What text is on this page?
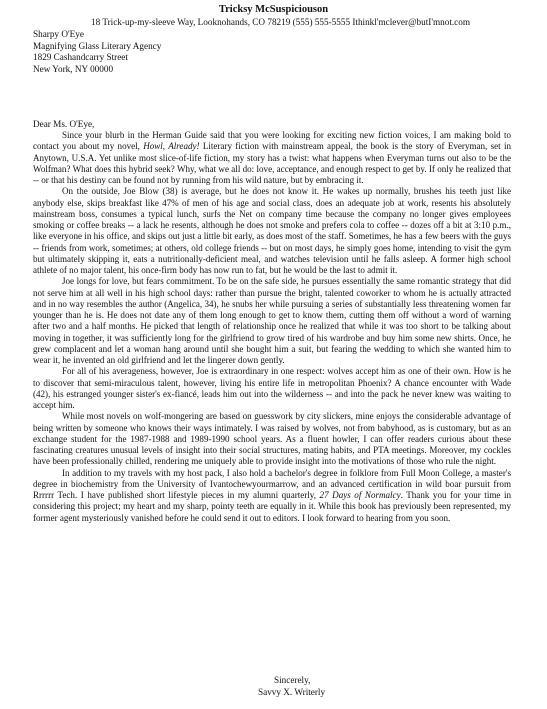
Tricksy McSuspiciouson
18 Trick-up-my-sleeve Way, Looknohands, CO 78219 (555) 555-5555 Ithinkl'mclever@butI'mnot.com
Sharpy O'Eye
Magnifying Glass Literary Agency
1829 Cashandcarry Street
New York, NY 00000
Dear Ms. O'Eye,

Since your blurb in the Herman Guide said that you were looking for exciting new fiction voices, I am making bold to contact you about my novel, Howl, Already! Literary fiction with mainstream appeal, the book is the story of Everyman, set in Anytown, U.S.A. Yet unlike most slice-of-life fiction, my story has a twist: what happens when Everyman turns out also to be the Wolfman? What does this hybrid seek? Why, what we all do: love, acceptance, and enough respect to get by. If only he realized that -- or that his destiny can be found not by running from his wild nature, but by embracing it.

On the outside, Joe Blow (38) is average, but he does not know it. He wakes up normally, brushes his teeth just like anybody else, skips breakfast like 47% of men of his age and social class, does an adequate job at work, resents his absolutely mainstream boss, consumes a typical lunch, surfs the Net on company time because the company no longer gives employees smoking or coffee breaks -- a lack he resents, although he does not smoke and prefers cola to coffee -- dozes off a bit at 3:10 p.m., like everyone in his office, and skips out just a little bit early, as does most of the staff. Sometimes, he has a few beers with the guys -- friends from work, sometimes; at others, old college friends -- but on most days, he simply goes home, intending to visit the gym but ultimately skipping it, eats a nutritionally-deficient meal, and watches television until he falls asleep. A former high school athlete of no major talent, his once-firm body has now run to fat, but he would be the last to admit it.

Joe longs for love, but fears commitment. To be on the safe side, he pursues essentially the same romantic strategy that did not serve him at all well in his high school days: rather than pursue the bright, talented coworker to whom he is actually attracted and in no way resembles the author (Angelica, 34), he snubs her while pursuing a series of substantially less threatening women far younger than he is. He does not date any of them long enough to get to know them, cutting them off without a word of warning after two and a half months. He picked that length of relationship once he realized that while it was too short to be talking about moving in together, it was sufficiently long for the girlfriend to grow tired of his wardrobe and buy him some new shirts. Once, he grew complacent and let a woman hang around until she bought him a suit, but fearing the wedding to which she wanted him to wear it, he invented an old girlfriend and let the lingerer down gently.

For all of his averageness, however, Joe is extraordinary in one respect: wolves accept him as one of their own. How is he to discover that semi-miraculous talent, however, living his entire life in metropolitan Phoenix? A chance encounter with Wade (42), his estranged younger sister's ex-fiancé, leads him out into the wilderness -- and into the pack he never knew was waiting to accept him.

While most novels on wolf-mongering are based on guesswork by city slickers, mine enjoys the considerable advantage of being written by someone who knows their ways intimately. I was raised by wolves, not from babyhood, as is customary, but as an exchange student for the 1987-1988 and 1989-1990 school years. As a fluent howler, I can offer readers curious about these fascinating creatures unusual levels of insight into their social structures, mating habits, and PTA meetings. Moreover, my cockles have been professionally chilled, rendering me uniquely able to provide insight into the motivations of those who rule the night.

In addition to my travels with my host pack, I also hold a bachelor's degree in folklore from Full Moon College, a master's degree in biochemistry from the University of Ivantochewyourmarrow, and an advanced certification in wild boar pursuit from Rrrrrr Tech. I have published short lifestyle pieces in my alumni quarterly, 27 Days of Normalcy. Thank you for your time in considering this project; my heart and my sharp, pointy teeth are equally in it. While this book has previously been represented, my former agent mysteriously vanished before he could send it out to editors. I look forward to hearing from you soon.

Sincerely,
Savvy X. Writerly
